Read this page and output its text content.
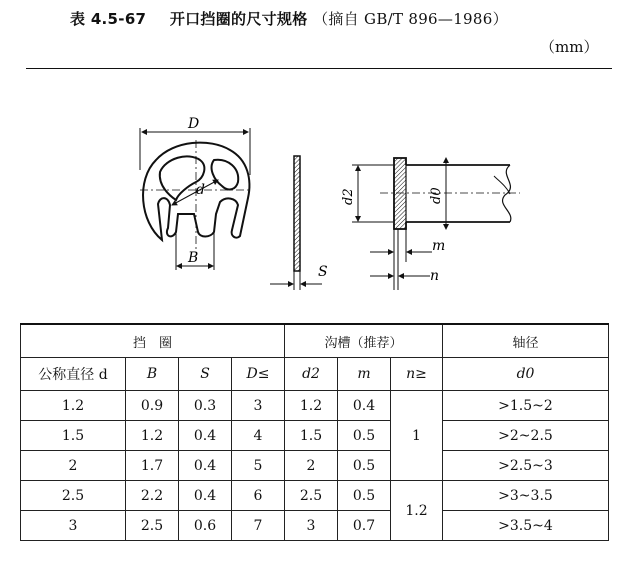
表 4.5-67 开口挡圈的尺寸规格 （摘自 GB/T 896—1986）
（mm）
D
d
B
S
d2	d0
m
n
挡　圈				沟槽（推荐）			轴径
公称直径 d	B	S	D≤	d2	m	n≥	d0
1.2	0.9	0.3	3	1.2	0.4	1	>1.5~2
1.5	1.2	0.4	4	1.5	0.5		>2~2.5
2	1.7	0.4	5	2	0.5		>2.5~3
2.5	2.2	0.4	6	2.5	0.5	1.2	>3~3.5
3	2.5	0.6	7	3	0.7		>3.5~4
